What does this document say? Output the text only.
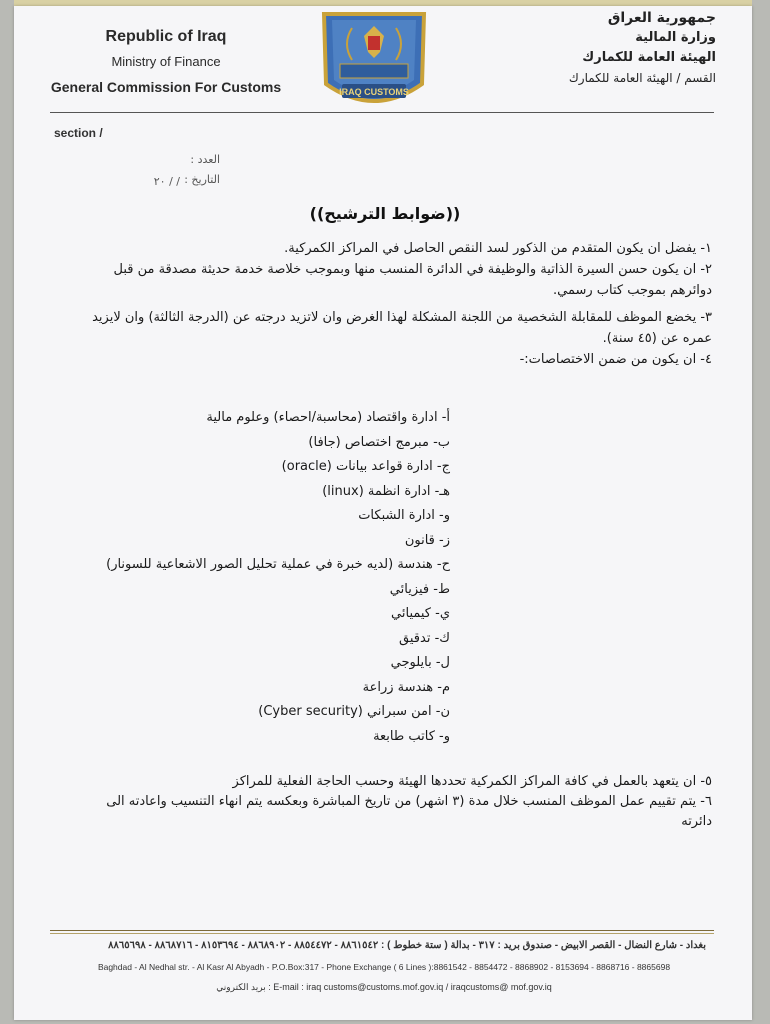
Republic of Iraq
Ministry of Finance
General Commission For Customs	IRAQ CUSTOMS
جمهورية العراق
وزارة المالية
الهيئة العامة للكمارك
القسم / الهيئة العامة للكمارك
section /
العدد :
التاريخ :
٢٠ / /
((ضوابط الترشيح))

١- يفضل ان يكون المتقدم من الذكور لسد النقص الحاصل في المراكز الكمركية.

٢- ان يكون حسن السيرة الذاتية والوظيفة في الدائرة المنسب منها وبموجب خلاصة خدمة حديثة مصدقة من قبل دوائرهم بموجب كتاب رسمي.

٣- يخضع الموظف للمقابلة الشخصية من اللجنة المشكلة لهذا الغرض وان لاتزيد درجته عن (الدرجة الثالثة) وان لايزيد عمره عن (٤٥ سنة).

٤- ان يكون من ضمن الاختصاصات:-

أ- ادارة واقتصاد (محاسبة/احصاء) وعلوم مالية
ب- مبرمج اختصاص (جافا)
ج- ادارة قواعد بيانات (oracle)
هـ- ادارة انظمة (linux)
و- ادارة الشبكات
ز- قانون
ح- هندسة (لديه خبرة في عملية تحليل الصور الاشعاعية للسونار)
ط- فيزيائي
ي- كيميائي
ك- تدقيق
ل- بايلوجي
م- هندسة زراعة
ن- امن سبراني (Cyber security)
و- كاتب طابعة

٥- ان يتعهد بالعمل في كافة المراكز الكمركية تحددها الهيئة وحسب الحاجة الفعلية للمراكز

٦- يتم تقييم عمل الموظف المنسب خلال مدة (٣ اشهر) من تاريخ المباشرة وبعكسه يتم انهاء التنسيب واعادته الى دائرته

بغداد - شارع النضال - القصر الابيض - صندوق بريد : ٣١٧ - بدالة ( ستة خطوط ) : ٨٨٦١٥٤٢ - ٨٨٥٤٤٧٢ - ٨٨٦٨٩٠٢ - ٨١٥٣٦٩٤ - ٨٨٦٨٧١٦ - ٨٨٦٥٦٩٨
Baghdad - Al Nedhal str. - Al Kasr Al Abyadh - P.O.Box:317 - Phone Exchange ( 6 Lines ):8861542 - 8854472 - 8868902 - 8153694 - 8868716 - 8865698
E-mail : iraq customs@customs.mof.gov.iq / iraqcustoms@ mof.gov.iq : بريد الكتروني
